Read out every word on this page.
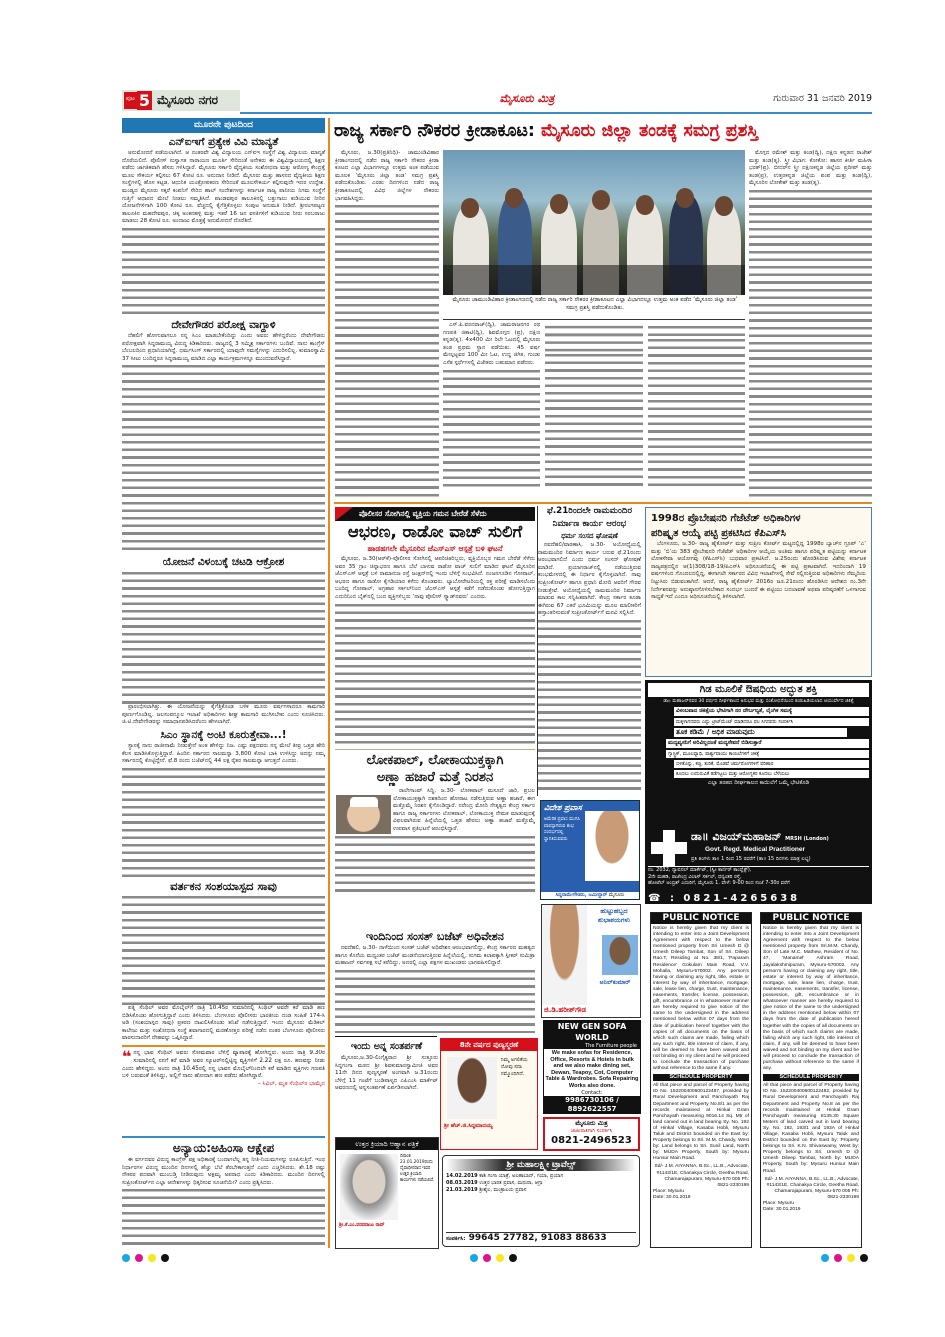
ಪುಟ 5 ಮೈಸೂರು ನಗರ	ಮೈಸೂರು ಮಿತ್ರ	ಗುರುವಾರ 31 ಜನವರಿ 2019
ಮೂರನೇ ಪುಟದಿಂದ
ಎನ್‌ಐಇಗೆ ಪ್ರತ್ಯೇಕ ವಿವಿ ಮಾನ್ಯತೆ

ಅನುಮೋದನೆ ಪಡೆಯಲಾಗಿದೆ. ಆ ನಂತರವೇ ವಿಶ್ವ ವಿದ್ಯಾಲಯ ಎನ್‌ಐಇ ಸಂಸ್ಥೆಗೆ ವಿಶ್ವ ವಿದ್ಯಾಲಯ ಮಾನ್ಯತೆ ದೊರೆಯಲಿದೆ. ಪೊಲೀಸ್ ಸುಸ್ವಾಗತ ನಾರಾಯಣ ಮೂರ್ತಿ ಸೇರಿದಂತೆ ಅನೇಕರು ಈ ವಿಶ್ವವಿದ್ಯಾಲಯದಲ್ಲಿ ಶಿಕ್ಷಣ ಪಡೆದು ಜಾಗತಿಕವಾಗಿ ಹೆಸರು ಗಳಿಸಿದ್ದಾರೆ. ಮೈಸೂರು ಸರ್ಕಾರಿ ವೈದ್ಯಕೀಯ ಸಂಶೋಧನಾ ಮತ್ತು ಆರೋಗ್ಯ ಕೇಂದ್ರಕ್ಕೆ ಮೂಲ ಸೌಕರ್ಯ ಕಲ್ಪಿಸಲು 67 ಕೋಟಿ ರೂ. ಅನುದಾನ ನೀಡಿದೆ. ಮೈಸೂರು ಮತ್ತು ಹಾಸನದ ವೈದ್ಯಕೀಯ ಶಿಕ್ಷಣ ಸಂಸ್ಥೆಗಳಲ್ಲಿ ಹೊಸ ಕಟ್ಟಡ, ಆಧುನಿಕ ಯಂತ್ರೋಪಕರಣ ಸೇರಿದಂತೆ ಮೂಲಸೌಕರ್ಯ ಕಲ್ಪಿಸುವುದೇ ಇದರ ಉದ್ದೇಶ. ಮಂಡ್ಯದ ಮೈಸೂರು ಸಕ್ಕರೆ ಕಂಪನಿಗೆ ಸೇರಿದ ಹಾಲ್ ಸಂದೇಶಗಳನ್ನು ಕರ್ನಾಟಕ ರಾಜ್ಯ ಪಾನೀಯ ನಿಗಮ ಸಂಸ್ಥೆಗೆ ಗುತ್ತಿಗೆ ಆಧಾರದ ಮೇಲೆ ನೀಡಲು ಸಮ್ಮತಿಸಿದೆ. ಪಾಂಡವಪುರ ತಾಲೂಕಿನಲ್ಲಿ ಬತ್ತುಗಾಲು ಕುಡಿಯುವ ನೀರಿನ ಯೋಜನೆಗಳಿಗಾಗಿ 100 ಕೋಟಿ ರೂ. ವೆಚ್ಚದಲ್ಲಿ ಕೈಗೆತ್ತಿಕೊಳ್ಳಲು ಸಂಪುಟ ಅನುಮತಿ ನೀಡಿದೆ. ಶ್ರೀರಂಗಪಟ್ಟಣ ತಾಲೂಕಿನ ಮಹದೇವಪುರ, ಚಿಕ್ಕ ಅಂಕನಹಳ್ಳಿ ಮತ್ತು ಇತರೆ 16 ಜನ ವಸತಿಗಳಿಗೆ ಕುಡಿಯುವ ನೀರು ಸರಬರಾಜು ಮಾಡಲು 28 ಕೋಟಿ ರೂ. ಅಂದಾಜು ಮೊತ್ತಕ್ಕೆ ಅನುಮೋದನೆ ದೊರೆತಿದೆ.

ದೇವೇಗೌಡರ ಪರೋಕ್ಷ ವಾಗ್ದಾಳಿ

ದೆಹಲಿಗೆ ಹೋಗುವಾಗಲೂ ನನ್ನ ಸಿಎಂ ಮಾಡಬೇಕೆಂದಿದ್ದು ಎಂದು ಅವರು ಹೇಳಿದ್ದರೆಂದು ದೇವೇಗೌಡರು ಪರೋಕ್ಷವಾಗಿ ಸಿದ್ದರಾಮಯ್ಯ ವಿರುದ್ಧ ಕಿಡಿಕಾರಿದರು. ರಾಜ್ಯದಲ್ಲಿ 3 ಸಮ್ಮಿಶ್ರ ಸರ್ಕಾರಗಳು ಬಂದಿವೆ. ನಾನು ಕಾಂಗ್ರೆಸ್ ಬೆಂಬಲದಿಂದ ಪ್ರಧಾನಿಯಾಗಿದ್ದೆ. ಧರ್ಮಸಿಂಗ್ ಸರ್ಕಾರದಲ್ಲಿ ಯಾವುದೇ ಸಮಸ್ಯೆಗಳನ್ನು ಎದುರಿಸಲಿಲ್ಲ. ಕುಮಾರಸ್ವಾಮಿ 37 ಸೀಟು ಬಂದಿದ್ದರೂ ಸಿದ್ದರಾಮಯ್ಯ ಮಾಡಿದ ಎಲ್ಲಾ ಕಾರ್ಯಕ್ರಮಗಳನ್ನೂ ಮುಂದುವರೆಸಿದ್ದಾರೆ.

ಯೋಜನೆ ವಿಳಂಬಕ್ಕೆ ಚಟಡಿ ಆಕ್ರೋಶ

ಪ್ರಾರಂಭಿಸಲಾಗಿತ್ತು. ಈ ಯೋಜನೆಯನ್ನು ಕೈಗೆತ್ತಿಕೊಂಡ ಬಳಿಕ ಮೂರು ವರ್ಷಗಳಾದರೂ ಕಾಮಗಾರಿ ಪೂರ್ಣಗೊಂಡಿಲ್ಲ. ಜಲಸಂಪನ್ಮೂಲ ಇಲಾಖೆ ಅಧಿಕಾರಿಗಳು ಶೀಘ್ರ ಕಾಮಗಾರಿ ಮುಗಿಸಬೇಕು ಎಂದು ಸೂಚಿಸಿದರು. ಜಿ.ಟಿ.ದೇವೇಗೌಡರನ್ನು ಸಮಾಧಾನಪಡಿಸಿದರೆಂದು ಹೇಳಲಾಗಿದೆ.

ಸಿಎಂ ಸ್ಥಾನಕ್ಕೆ ಅಂಟಿ ಕೂರುತ್ತೇವಾ...!

ಸ್ಥಾನಕ್ಕೆ ನಾನು ರಾಜೀನಾಮೆ ನೀಡುತ್ತೇನೆ ಅಂತ ಹೇಳಿದ್ದು ನಿಜ. ಎಷ್ಟು ಪಕ್ಷದವರು ನನ್ನ ಮೇಲೆ ತೀವ್ರ ಒತ್ತಡ ಹೇರಿ ಕೆಲಸ ಮಾಡಿಸಿಕೊಳ್ಳುತ್ತಿದ್ದಾರೆ. ಹಿಂದಿನ ಸರ್ಕಾರದ ಸಾಲಮನ್ನಾ 3,800 ಕೋಟಿ ಬಾಕಿ ಉಳಿಸಿದ್ದು ಅದನ್ನು ನಮ್ಮ ಸರ್ಕಾರದಲ್ಲಿ ಕೊಟ್ಟಿದ್ದೇನೆ. ಫೆ.8 ರಂದು ಬಜೆಟ್‌ನಲ್ಲಿ 44 ಲಕ್ಷ ರೈತರ ಸಾಲಮನ್ನಾ ಆಗುತ್ತದೆ ಎಂದರು.

ವರ್ತಕನ ಸಂಶಯಾಸ್ಪದ ಸಾವು

ಪತ್ನಿ ಸೆಂಥಿಲ್ ಅವರ ಮೊಬೈಲ್‌ಗೆ ರಾತ್ರಿ 10.45ರ ಸುಮಾರಿನಲ್ಲಿ ಸಿಂಥಿಲ್ ಅವರೇ ಕರೆ ಮಾಡಿ ಹಣ ಬಿಡಿಸಿಕೊಂಡು ಹೋಗುತ್ತಿದ್ದಾರೆ ಎಂದು ತಿಳಿಸಿದರು. ಬೆಂಗಳೂರು ಪೊಲೀಸರು ಭಾರತೀಯ ದಂಡ ಸಂಹಿತೆ 174-ಸಿ ಅಡಿ (ಸಂಶಯಾಸ್ಪದ ಸಾವು) ಪ್ರಕರಣ ದಾಖಲಿಸಿಕೊಂಡು ತನಿಖೆ ನಡೆಸುತ್ತಿದ್ದಾರೆ. ಇಂದು ಮೈಸೂರು ಮೆಡಿಕಲ್ ಕಾಲೇಜು ಮತ್ತು ಸಂಶೋಧನಾ ಸಂಸ್ಥೆ ಶವಾಗಾರದಲ್ಲಿ ಮರಣೋತ್ತರ ಪರೀಕ್ಷೆ ನಡೆದ ನಂತರ ಬೆಂಗಳೂರು ಪೊಲೀಸರು ವಾರಸುದಾರರಿಗೆ ದೇಹವನ್ನು ಒಪ್ಪಿಸಿದ್ದಾರೆ.

❝ ನನ್ನ ಭಾವ ಸೆಂಥಿಲ್ ಅವರು ಸೋಮವಾರ ಬೆಳಿಗ್ಗೆ ವ್ಯಾಪಾರಕ್ಕೆ ಹೋಗಿದ್ದರು. ಅಂದು ರಾತ್ರಿ 9.30ರ ಸುಮಾರಿನಲ್ಲಿ ನನಗೆ ಕರೆ ಮಾಡಿ ಅವರ ಸ್ಕೂಟರ್‌ನಲ್ಲಿಟ್ಟಿದ್ದ ವ್ಯಕ್ತಿಗಳಿಗೆ 2.22 ಲಕ್ಷ ರೂ. ಹಣವನ್ನು ನೀಡು ಎಂದು ಹೇಳಿದ್ದರು. ಅಂದು ರಾತ್ರಿ 10.45ರಲ್ಲಿ ನನ್ನ ಭಾವನ ಮೊಬೈಲ್‌ನಿಂದಲೇ ಕರೆ ಮಾಡಿದ ವ್ಯಕ್ತಿಗಳು ಗಣಪತಿ ಬಳಿ ಬರುವಂತೆ ತಿಳಿಸಿದ್ದು, ಅಲ್ಲಿಗೆ ನಾನು ಹೋದಾಗ ಹಣ ಪಡೆದು ಹೋಗಿದ್ದಾರೆ.
– ಸಿವಿಲ್, ಮೃತ ಸೆಂಥಿಲ್‌ರ ಭಾಮೈದ
ಅನ್ಯಾಯ:ಅಹಿಂಸಾ ಆಕ್ಷೇಪ

ಈ ವರ್ಗದವರ ವಿರುದ್ಧ ಕಾಂಗ್ರೆಸ್ ಪಕ್ಷ ಅಧಿಕಾರಕ್ಕೆ ಬಂದಾಗಲೆಲ್ಲ ತನ್ನ ನೀತಿ-ನಿಯಮಗಳನ್ನು ರೂಪಿಸುತ್ತಿದೆ. ಇಂಥ ನಿರ್ಧಾರಗಳ ವಿರುದ್ಧ ಮುಂದಿನ ದಿನಗಳಲ್ಲಿ ಹೆಚ್ಚು ಬೆಲೆ ತೆರಬೇಕಾಗುತ್ತದೆ ಎಂದು ಎಚ್ಚರಿಸಿದರು. ಶೇ.18 ರಷ್ಟು ನೌಕರರ ಪದವಾಗಿ ಮುಂಬಡ್ತಿ ನೀಡಿರುವುದು ಅಕ್ಷಮ್ಯ ಅಪರಾಧ ಎಂದು ಕಿಡಿಕಾರಿದರು. ಮುಂದಿನ ದಿನಗಳಲ್ಲಿ ಸುಪ್ರೀಂಕೋರ್ಟ್‌ನ ಎಲ್ಲಾ ಆದೇಶಗಳನ್ನು ಧಿಕ್ಕರಿಸುವ ಸೂಚನೆಯೇ? ಎಂದು ಪ್ರಶ್ನಿಸಿದರು.

ರಾಜ್ಯ ಸರ್ಕಾರಿ ನೌಕರರ ಕ್ರೀಡಾಕೂಟ: ಮೈಸೂರು ಜಿಲ್ಲಾ ತಂಡಕ್ಕೆ ಸಮಗ್ರ ಪ್ರಶಸ್ತಿ

ಮೈಸೂರು, ಜ.30(ಪ್ರತಿನಿಧಿ)- ಚಾಮುಂಡಿವಿಹಾರ ಕ್ರೀಡಾಂಗಣದಲ್ಲಿ ನಡೆದ ರಾಜ್ಯ ಸರ್ಕಾರಿ ನೌಕರರ ಕ್ರೀಡಾ ಕೂಟದ ಎಲ್ಲಾ ವಿಭಾಗಗಳಲ್ಲೂ ಉತ್ತಮ ಅಂಕ ಪಡೆಯುವ ಮೂಲಕ ‘ಮೈಸೂರು ಜಿಲ್ಲಾ ತಂಡ’ ಸಮಗ್ರ ಪ್ರಶಸ್ತಿ ಪಡೆದುಕೊಂಡಿತು. ಎರಡು ದಿನಗಳಿಂದ ನಡೆದ ರಾಜ್ಯ ಕ್ರೀಡಾಕೂಟದಲ್ಲಿ ವಿವಿಧ ಜಿಲ್ಲೆಗಳ ನೌಕರರು ಭಾಗವಹಿಸಿದ್ದರು.

ಮೈಸೂರು ಚಾಮುಂಡಿವಿಹಾರ ಕ್ರೀಡಾಂಗಣದಲ್ಲಿ ನಡೆದ ರಾಜ್ಯ ಸರ್ಕಾರಿ ನೌಕರರ ಕ್ರೀಡಾಕೂಟದ ಎಲ್ಲಾ ವಿಭಾಗದಲ್ಲೂ ಉತ್ತಮ ಅಂಕ ಪಡೆದ ‘ಮೈಸೂರು ಜಿಲ್ಲಾ ತಂಡ’ ಸಮಗ್ರ ಪ್ರಶಸ್ತಿ ಪಡೆದುಕೊಂಡಿತು.

ಎಸ್.ಪಿ.ವರದರಾಜ್(ದ್ವಿ), ಚಾಮರಾಜನಗರ ರಥ ಗಣಪತಿ ಜಿಕಾಟಿ(ದ್ವಿ), ಶಿವಮೊಗ್ಗದ (ಪ್ರ), ದಕ್ಷಿಣ ಕನ್ನಡ(ತೃ). 4x400 ಮೀ ರಿಲೇ ಓಟದಲ್ಲಿ ಮೈಸೂರು ತಂಡ ಪ್ರಥಮ ಸ್ಥಾನ ಪಡೆಯಿತು. 45 ವರ್ಷ ಮೇಲ್ಪಟ್ಟವರ 100 ಮೀ ಓಟ, ಉದ್ದ ಜಿಗಿತ, ಗುಂಡು ಎಸೆತ ಸ್ಪರ್ಧೆಗಳಲ್ಲಿ ವಿಜೇತರು ಬಹುಮಾನ ಪಡೆದರು.

ಮೊಗ್ಗದ ರಮೇಶ್ ಮತ್ತು ತಂಡ(ದ್ವಿ), ದಕ್ಷಿಣ ಕನ್ನಡದ ರಾಜೇಶ್ ಮತ್ತು ತಂಡ(ತೃ). ಸ್ತ್ರೀ ವಿಭಾಗ: ಕೋಕೋ: ಹಾಸನ ಕೀರ್ತಿ ಮಹಿಳಾ ಭರತ್(ಪ್ರ). ಬೀದರ್‌ನ ಸ್ತ್ರೀ ದಕ್ಷಿಣಕನ್ನಡ ಜಿಲ್ಲೆಯ ಪ್ರದೀಪ್ ಮತ್ತು ತಂಡ(ಪ್ರ), ಉತ್ತರಕನ್ನಡ ಜಿಲ್ಲೆಯ ಪಂಪ ಮತ್ತು ತಂಡ(ದ್ವಿ), ಮೈಸೂರಿನ ಲೋಕೇಶ್ ಮತ್ತು ತಂಡ(ತೃ).

ಪೊಲೀಸರ ಸೋಗಿನಲ್ಲಿ ವ್ಯಕ್ತಿಯ ಗಮನ ಬೇರೆಡೆ ಸೆಳೆದು
ಆಭರಣ, ರಾಡೋ ವಾಚ್ ಸುಲಿಗೆ
ಹಾಡಹಗಲೇ ಮೈಸೂರಿನ ಜೆಎಸ್‌ಎಸ್ ಆಸ್ಪತ್ರೆ ಬಳಿ ಘಟನೆ

ಮೈಸೂರು, ಜ.30(ಆರ್‌ಕೆ)-ಪೊಲೀಸರ ಸೋಗಿನಲ್ಲಿ ಆಪರಿಚಿತರಿಬ್ಬರು, ವ್ಯಕ್ತಿಯೊಬ್ಬರ ಗಮನ ಬೇರೆಡೆ ಸೆಳೆದು ಅವರ 35 ಗ್ರಾಂ ಚಿನ್ನಾಭರಣ ಹಾಗೂ ಬೆಲೆ ಬಾಳುವ ರಾಡೋ ವಾಚ್ ಸುಲಿಗೆ ಮಾಡಿದ ಘಟನೆ ಮೈಸೂರಿನ ಜೆಎಸ್‌ಎಸ್ ಆಸ್ಪತ್ರೆ ಬಳಿ ರಾಮಾನುಜ ರಸ್ತೆ ಜಂಕ್ಷನ್‌ನಲ್ಲಿ ಇಂದು ಬೆಳಿಗ್ಗೆ ಸಂಭವಿಸಿದೆ. ನಂಜನಗೂಡಿನ ಗೋಪಾಲ್, ಆಭರಣ ಹಾಗೂ ರಾಡೋ ಕೈಗಡಿಯಾರ ಕಳೆದು ಕೊಂಡವರು. ಲ್ಯಾಬೋರೇಟರಿಯಲ್ಲಿ ರಕ್ತ ಪರೀಕ್ಷೆ ಮಾಡಿಸಲೆಂದು ಬಂದಿದ್ದ ಗೋಪಾಲ್, ಅಗ್ರಹಾರ ಸರ್ಕಲ್‌ನಿಂದ ಜೆಎಸ್‌ಎಸ್ ಆಸ್ಪತ್ರೆ ಕಡೆಗೆ ನಡೆದುಕೊಂಡು ಹೋಗುತ್ತಿದ್ದಾಗ ಎದುರಿನಿಂದ ಬೈಕ್‌ನಲ್ಲಿ ಬಂದ ವ್ಯಕ್ತಿಗಳಿಬ್ಬರು ‘ನಾವು ಪೊಲೀಸ್ ಸ್ಕ್ವಾಡ್‌ನವರು’ ಎಂದರು.

ಲೋಕಪಾಲ್, ಲೋಕಾಯುಕ್ತಕ್ಕಾಗಿ
ಅಣ್ಣಾ ಹಜಾರೆ ಮತ್ತೆ ನಿರಶನ

ರಾಲೇಗಾಂವ್ ಸಿದ್ಧಿ, ಜ.30- ಲೋಕಪಾಲ್ ಮಸೂದೆ ಜಾರಿ, ಪ್ರಬಲ ಲೋಕಾಯುಕ್ತಕ್ಕಾಗಿ ದಶಕದಿಂದ ಹೋರಾಟ ನಡೆಸುತ್ತಿರುವ ಅಣ್ಣಾ ಹಜಾರೆ, ಈಗ ಮತ್ತೊಮ್ಮೆ ನಿರಶನ ಕೈಗೊಂಡಿದ್ದಾರೆ. ನರೇಂದ್ರ ಮೋದಿ ನೇತೃತ್ವದ ಕೇಂದ್ರ ಸರ್ಕಾರ ಹಾಗೂ ರಾಜ್ಯ ಸರ್ಕಾರಗಳು ಲೋಕಪಾಲ್, ಲೋಕಾಯುಕ್ತ ನೇಮಕ ಮಾಡುವುದಕ್ಕೆ ವಿಫಲವಾಗಿರುವ ಹಿನ್ನೆಲೆಯಲ್ಲಿ ಒತ್ತಡ ಹೇರಲು ಅಣ್ಣಾ ಹಜಾರೆ ಮತ್ತೊಮ್ಮೆ ಉಪವಾಸ ಪ್ರತಿಭಟನೆ ಆರಂಭಿಸಿದ್ದಾರೆ.

ಇಂದಿನಿಂದ ಸಂಸತ್ ಬಜೆಟ್ ಅಧಿವೇಶನ

ನವದೆಹಲಿ, ಜ.30- ನಾಳೆಯಿಂದ ಸಂಸತ್ ಬಜೆಟ್ ಅಧಿವೇಶನ ಆರಂಭವಾಗಲಿದ್ದು, ಕೇಂದ್ರ ಸರ್ಕಾರದ ಮಹತ್ವದ ಹಾಗೂ ಕೊನೆಯ ಮಧ್ಯಂತರ ಬಜೆಟ್ ಮಂಡನೆಯಾಗುತ್ತಿರುವ ಹಿನ್ನೆಲೆಯಲ್ಲಿ, ಸುಗಮ ಕಲಾಪಕ್ಕಾಗಿ ಸ್ಪೀಕರ್ ಸುಮಿತ್ರಾ ಮಹಾಜನ್ ಸರ್ವಪಕ್ಷ ಸಭೆ ಕರೆದಿದ್ದು, ಅದರಲ್ಲಿ ಎಲ್ಲಾ ಪಕ್ಷಗಳ ಮುಖಂಡರು ಭಾಗವಹಿಸಲಿದ್ದಾರೆ.

ಇಂದು ಅನ್ನ ಸಂತರ್ಪಣೆ

ಮೈಸೂರು,ಜ.30-ಲಿಂಗೈಕ್ಯರಾದ ಶ್ರೀ ಸುತ್ತೂರು ಸಿದ್ದಗಂಗಾ ಮಠದ ಶ್ರೀ ಶಿವಕುಮಾರಸ್ವಾಮೀಜಿ ಅವರ 11ನೇ ದಿನದ ಪುಣ್ಯಸ್ಮರಣೆ ಅಂಗವಾಗಿ ಜ.31ರಂದು ಬೆಳಿಗ್ಗೆ 11 ಗಂಟೆಗೆ ಬಂಡಿಪಾಳ್ಯದ ಎಪಿಎಂಸಿ ಮಾರ್ಕೆಟ್ ಆವರಣದಲ್ಲಿ ಅನ್ನಸಂತರ್ಪಣೆ ಏರ್ಪಡಿಸಲಾಗಿದೆ.

8ನೇ ವರ್ಷದ ಪುಣ್ಯಸ್ಮರಣೆ
ನಿಮ್ಮ ಅಗಲಿಕೆಯ ನೋವು ಸದಾ ನಮ್ಮೊಂದಿಗಿದೆ.
ಶ್ರೀ ಹೆಚ್.ಜಿ.ಸಿದ್ದಮಾದಯ್ಯ
ಉತ್ತರ ಕ್ರಿಯಾದಿ ಆಹ್ವಾನ ಪತ್ರಿಕೆ
ಶ್ರೀ.ಕೆ.ಎಂ.ವರದರಾಜು ರಾವ್
ದಿನಾಂಕ 23.01.2019ರಂದು ದೈವಾಧೀನರಾದ ಇವರ ಉತ್ತರ ಕ್ರಿಯಾದಿ ಕಾರ್ಯಗಳು ನಡೆಯಲಿವೆ.
ಶ್ರೀ ಮಹಾಲಕ್ಷ್ಮೀ ಟ್ರಾವೆಲ್ಸ್
14.02.2019 ಕಾಶಿ ಗಂಗಾ ಯಾತ್ರೆ, ಅಲಹಾಬಾದ್, ಗಯಾ, ಪ್ರಯಾಗ
08.03.2019 ಉತ್ತರ ಭಾರತ ಪ್ರವಾಸ, ಮಥುರಾ, ಆಗ್ರಾ
21.03.2019 ಶ್ರೀಶೈಲ, ಮಂತ್ರಾಲಯ ಪ್ರವಾಸ
ಸಂಪರ್ಕಿಸಿ: 99645 27782, 91083 88633
ಫೆ.21ರಿಂದಲೇ ರಾಮಮಂದಿರ
ನಿರ್ಮಾಣ ಕಾರ್ಯ ಆರಂಭ
ಧರ್ಮ ಸಂಸದ ಘೋಷಣೆ

ನವದೆಹಲಿ/ವಾರಣಾಸಿ, ಜ.30- ಅಯೋಧ್ಯೆಯಲ್ಲಿ ರಾಮಮಂದಿರ ನಿರ್ಮಾಣ ಕಾರ್ಯ ಬರುವ ಫೆ.21ರಂದು ಆರಂಭವಾಗಲಿದೆ ಎಂದು ಧರ್ಮ ಸಂಸದ್ ಘೋಷಣೆ ಮಾಡಿದೆ. ಪ್ರಯಾಗರಾಜ್‌ನಲ್ಲಿ ನಡೆಯುತ್ತಿರುವ ಕುಂಭಮೇಳದಲ್ಲಿ ಈ ನಿರ್ಧಾರ ಕೈಗೊಳ್ಳಲಾಗಿದೆ. ನಾವು ಸುಪ್ರೀಂಕೋರ್ಟ್ ಹಾಗೂ ಪ್ರಧಾನಿ ಮೋದಿ ಅವರಿಗೆ ಗೌರವ ನೀಡುತ್ತೇವೆ. ಅಯೋಧ್ಯೆಯಲ್ಲಿ ರಾಮಮಂದಿರ ನಿರ್ಮಾಣ ಮಾಡುವ ಕಾಲ ಸನ್ನಿಹಿತವಾಗಿದೆ. ಕೇಂದ್ರ ಸರ್ಕಾರ ಕೂಡಾ ಈಗಿರುವ 67 ಎಕರೆ ಭೂಮಿಯನ್ನು ಮೂಲ ಮಾಲೀಕರಿಗೆ ಹಸ್ತಾಂತರಿಸುವಂತೆ ಸುಪ್ರೀಂಕೋರ್ಟ್‌ಗೆ ಮನವಿ ಸಲ್ಲಿಸಿದೆ.

ವಿದೇಶ ಪ್ರವಾಸ
ಅಮೆರಿಕ ಪ್ರವಾಸ ಮುಗಿಸಿ ವಾಪಸ್ಸಾಗಿರುವ ಶುಭ ಸಂದರ್ಭದಲ್ಲಿ ಸ್ವಾಗತಿಸುವವರು
ಸಿದ್ದರಾಮೇಗೌಡರು, ಜಮೀನ್ದಾರ್ ಮೈಸೂರು
ಹುಟ್ಟುಹಬ್ಬದ ಶುಭಾಶಯಗಳು
ಅನಿಲ್‌ಕುಮಾರ್
ಜಿ.ಡಿ.ಹರೀಶ್‌ಗೌಡ
NEW GEN SOFA WORLD
The Furniture people
We make sofas for Residence, Office, Resorts & Hotels in bulk and we also make dining set, Dewan, Teapoy, Cot, Computer Table & Wardrobes. Sofa Repairing Works also done.
Contact:
9986730106 / 8892622557
ಮೈಸೂರು ಮಿತ್ರ
ಜಾಹೀರಾತಿಗಾಗಿ ಸಂಪರ್ಕಿಸಿ
0821-2496523
1998ರ ಪ್ರೊಬೇಷನರಿ ಗೆಜೆಟೆಡ್ ಅಧಿಕಾರಿಗಳ
ಪರಿಷ್ಕೃತ ಆಯ್ಕೆ ಪಟ್ಟಿ ಪ್ರಕಟಿಸಿದ ಕೆಪಿಎಸ್‌ಸಿ

ಬೆಂಗಳೂರು, ಜ.30- ರಾಜ್ಯ ಹೈಕೋರ್ಟ್ ಮತ್ತು ಸುಪ್ರೀಂ ಕೋರ್ಟ್ ಮಟ್ಟದಲ್ಲಿದ್ದ 1998ರ ಬ್ಯಾಚ್‌ನ ಗ್ರೂಪ್ ‘ಎ’ ಮತ್ತು ‘ಬಿ’ಯ 383 ಪ್ರೊಬೇಷನರಿ ಗೆಜೆಟೆಡ್ ಅಧಿಕಾರಿಗಳ ಆಯ್ಕೆಯ ಅಂತಿಮ ಹಾಗೂ ಪರಿಷ್ಕೃತ ಪಟ್ಟಿಯನ್ನು ಕರ್ನಾಟಕ ಲೋಕಸೇವಾ ಆಯೋಗವು (ಕೆಪಿಎಸ್‌ಸಿ) ಬುಧವಾರ ಪ್ರಕಟಿಸಿದೆ. ಜ.25ರಂದು ಹೊರಡಿಸಿರುವ ವಿಶೇಷ ಕರ್ನಾಟಕ ರಾಜ್ಯಪತ್ರದಲ್ಲಿನ ಆ(1)308/18-19/ಪಿಎಸ್‌ಸಿ ಅಧಿಸೂಚನೆಯಲ್ಲಿ ಈ ಪಟ್ಟಿ ಪ್ರಕಟವಾಗಿದೆ. ಇದರಿಂದಾಗಿ 19 ವರ್ಷಗಳಿಂದ ಗೊಂದಲದಲ್ಲಿದ್ದ, ಈಗಾಗಲೇ ಸರ್ಕಾರದ ವಿವಿಧ ಇಲಾಖೆಗಳಲ್ಲಿ ಸೇವೆ ಸಲ್ಲಿಸುತ್ತಿರುವ ಅಧಿಕಾರಿಗಳು ನೆಮ್ಮದಿಯ ನಿಟ್ಟುಸಿರು ಬಿಡುವಂತಾಗಿದೆ. ಆದರೆ, ರಾಜ್ಯ ಹೈಕೋರ್ಟ್ 2016ರ ಜೂ.21ರಂದು ಹೊರಡಿಸಿದ ಆದೇಶದ ನಂ.3ನೇ ನಿರ್ದೇಶನವನ್ನು ಅನುಷ್ಠಾನಗೊಳಿಸಬೇಕಾದ ಸಂದರ್ಭ ಬಂದರೆ ಈ ಪಟ್ಟಿಯು ಬದಲಾವಣೆ ಅಥವಾ ಪರಿಷ್ಕರಣೆಗೆ ಒಳಗಾಗುವ ಸಾಧ್ಯತೆ ಇದೆ ಎಂದೂ ಅಧಿಸೂಚನೆಯಲ್ಲಿ ತಿಳಿಸಲಾಗಿದೆ.

ಗಿಡ ಮೂಲಿಕೆ ಔಷಧಿಯ ಅದ್ಭುತ ಶಕ್ತಿ
ಡಾ॥ ಮಹಾಜನ್‌ರವರ 30 ವರ್ಷದ ದೀರ್ಘಕಾಲದ ಅನುಭವ ಮತ್ತು ಸಂಶೋಧನೆಯಿಂದ ಕಂಡುಹಿಡಿಯಲಾದ ಆಯುರ್ವೇದ ಚಿಕಿತ್ಸೆ
ವಿಳಂಬವಾದ ಚಿಕಿತ್ಸೆಯ ಭೇಟಿಗಾಗಿ ನರ ದೌರ್ಬಲ್ಯತೆ, ಲೈಂಗಿಕ ಸಮಸ್ಯೆ
ಮಕ್ಕಳಾಗದವರು ಎಷ್ಟು ಟ್ರೀಟ್‌ಮೆಂಟ್ ಮಾಡಿದರೂ ಫಲ ಸಿಗದವರು ಸಂಪರ್ಕಿಸಿ
ತೂಕ ಕಡಿಮೆ / ಅಧಿಕ ಮಾಡುವುದು
ಮದ್ಯವ್ಯಸನಿಗೆ ಅರಿವಿಲ್ಲದಂತೆ ಮದ್ಯಸೇವನೆ ಬಿಡಿಸುತ್ತಾರೆ
ಗ್ಯಾಸ್ಟ್ರಿಕ್, ಮೂಲವ್ಯಾಧಿ, ಪಾರ್ಶ್ವವಾಯು ಕಾಯಿಲೆಗಳಿಗೆ ಚಿಕಿತ್ಸೆ
ಬಿಳಿತೊನ್ನು, ಕಜ್ಜಿ, ತುರಿಕೆ, ಮೊಡವೆ ಚರ್ಮರೋಗಗಳಿಗೆ ಪರಿಹಾರ
ಕೂದಲು ಉದುರುವಿಕೆ ತಡೆಗಟ್ಟಲು ಮತ್ತು ಆರೋಗ್ಯಕರ ಕೂದಲು ಬೆಳೆಯಲು
ಎಲ್ಲಾ ತರಹದ ದೀರ್ಘಕಾಲದ ಕಾಯಿಲೆಗೆ ಒಮ್ಮೆ ಭೇಟಿಕೊಡಿ
ಡಾ॥ ವಿಜಯ್‌ಮಹಾಜನ್ MRSH (London)
Govt. Regd. Medical Practitioner
ಪ್ರತಿ ತಿಂಗಳು ತಾ॥ 1 ರಿಂದ 15 ರವರೆಗೆ (ತಾ॥ 15 ದಿನಗಳು ಮಾತ್ರ ಲಭ್ಯ)
ನಂ. 2032, ನ್ಯಾಷನಲ್ ಮಾರ್ಕೆಟ್, (ಸ್ವೀ ಕಾರ್ನರ್ ಕಾಂಪ್ಲೆಕ್ಸ್),
2ನೇ ಮಹಡಿ, ರಾಜೇಂದ್ರ ವಿಲಾಸ್ ಸರ್ಕಲ್, ಧನ್ವಂತರಿ ರಸ್ತೆ,
ಹೋಟೆಲ್ ಅಂಬ್ರಿಶ್ ಎದುರಿಗೆ, ಮೈಸೂರು 1. ವೇಳೆ: 9-00 ರಿಂದ ಸಂಜೆ 7-30ರ ವರೆಗೆ
☎ : 0821-4265638
PUBLIC NOTICE
Notice is hereby given that my client is intending to enter into a Joint Development Agreement with respect to the below mentioned property from Sri Umesh D @ Umesh Dileep Tambat, Son of Sri. Dileep Rao.T, Residing at No. 38/1, 'Paparam Residence' Gokulam Main Road, V.V. Mohalla, Mysuru-570002. Any person's having or claiming any right, title, estate or interest by way of inheritance, mortgage, sale, lease lien, charge, trust, maintenance, easements, transfer, license, possession, gift, encumbrance or in whatsoever manner are hereby required to give notice of the same to the undersigned in the address mentioned below within 07 days from the date of publication hereof together with the copies of all documents on the basis of which such claims are made, failing which any such right, title interest of claim, if any, will be deemed to have been waived and not binding on my client and he will proceed to conclude the transaction of purchase without reference to the same if any.
SCHEDULE PROPERTY
All that piece and parcel of Property having ID No. 152200400600122487, provided by Rural Development and Panchayath Raj Department and Property No.8/1 as per the records maintained at Hinkal Gram Panchayath measuring 9016.14 Sq. Mtr of land carved out in land bearing Sy. No. 192 of Hinkal Village, Kasaba Hobli, Mysuru Taluk and District bounded on the East by: Property belongs to Sri. M.M. Chandy, West by: Land belongs to Sri. Sunil Land, North by: MUDA Property, South by: Mysuru Hunsur Main Road.
Sd/- J.M. AIYANNA, B.Sc., LL.B., Advocate, #1143/1E, Chanakya Circle, Geetha Road, Chamarajapuram, Mysuru-570 005 Ph: 0821-2330199
Place: Mysuru
Date: 30.01.2019
PUBLIC NOTICE
Notice is hereby given that my client is intending to enter into a Joint Development Agreement with respect to the below mentioned property from Sri.M.M. Chandy, Son of Late M.C. Mathew, Resident of No. 47, 'Manamel' Ashram Road, Jayalakshmipuram, Mysuru-570002. Any person's having or claiming any right, title, estate or interest by way of inheritance, mortgage, sale, lease lien, charge, trust, maintenance, easements, transfer, license, possession, gift, encumbrance or in whatsoever manner are hereby required to give notice of the same to the undersigned in the address mentioned below within 07 days from the date of publication hereof together with the copies of all documents on the basis of which such claims are made, failing which any such right, title interest of claim, if any, will be deemed to have been waived and not binding on my client and he will proceed to conclude the transaction of purchase without reference to the same if any.
SCHEDULE PROPERTY
All that piece and parcel of Property having ID No. 152200400600122482, provided by Rural Development and Panchayath Raj Department and Property No.8 as per the records maintained at Hinkal Gram Panchayath measuring 8135.30 Square Meters of land carved out in land bearing Sy. No. 192, 193/1 and 193A of Hinkal Village, Kasaba Hobli, Mysuru Taluk and District bounded on the East by: Property belongs to Sri. K.N. Shivaswamy, West by: Property belongs to Sri. Umesh D @ Umesh Dileep Tambat, North by: MUDA Property, South by: Mysuru Hunsur Main Road.
Sd/- J.M. AIYANNA, B.Sc., LL.B., Advocate, #1143/1E, Chanakya Circle, Geetha Road, Chamarajapuram, Mysuru-570 005 Ph: 0821-2330199
Place: Mysuru
Date: 30.01.2019
